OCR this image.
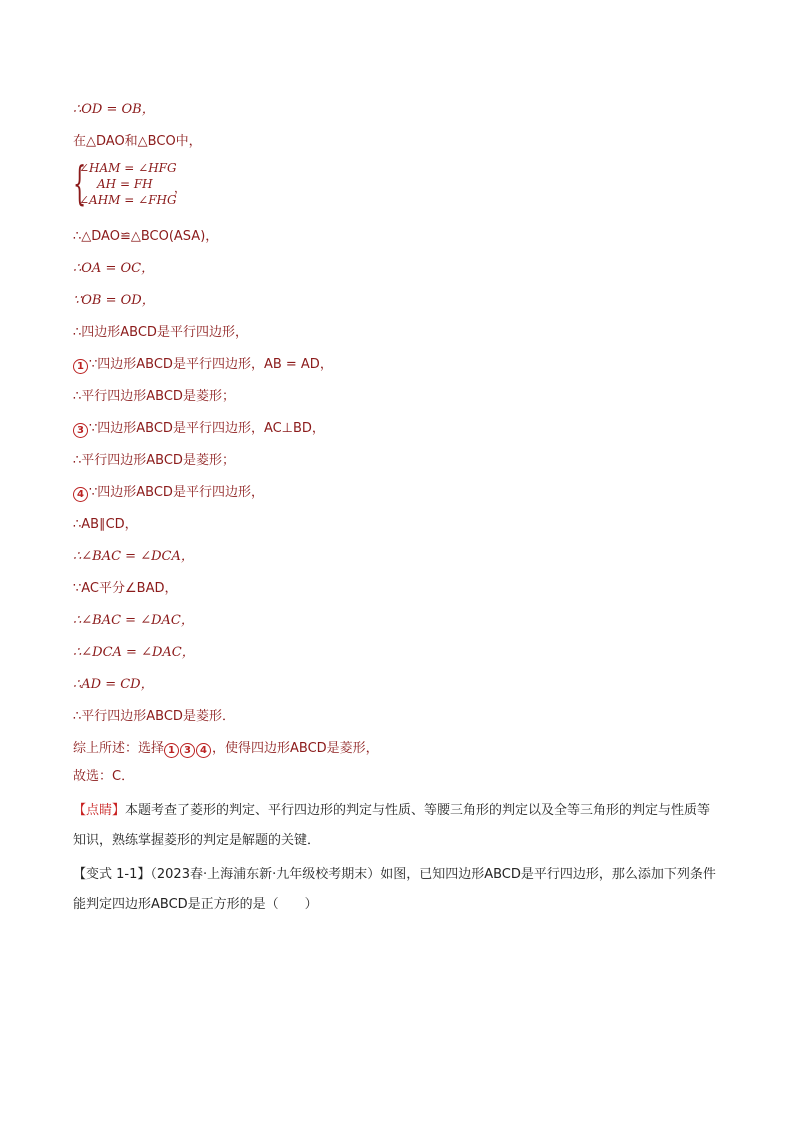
∴OD = OB，
在△DAO和△BCO中，
{
∠HAM = ∠HFG
AH = FH
∠AHM = ∠FHG
，
∴△DAO≌△BCO(ASA)，
∴OA = OC，
∵OB = OD，
∴四边形ABCD是平行四边形，
1 ∵四边形ABCD是平行四边形，AB = AD，
∴平行四边形ABCD是菱形；
3 ∵四边形ABCD是平行四边形，AC⊥BD，
∴平行四边形ABCD是菱形；
4 ∵四边形ABCD是平行四边形，
∴AB∥CD，
∴∠BAC = ∠DCA，
∵AC平分∠BAD，
∴∠BAC = ∠DAC，
∴∠DCA = ∠DAC，
∴AD = CD，
∴平行四边形ABCD是菱形．
综上所述：选择 1 3 4 ，使得四边形ABCD是菱形，
故选：C．
【点睛】本题考查了菱形的判定、平行四边形的判定与性质、等腰三角形的判定以及全等三角形的判定与性质等知识，熟练掌握菱形的判定是解题的关键．
【变式 1-1】（2023春·上海浦东新·九年级校考期末）如图，已知四边形ABCD是平行四边形，那么添加下列条件能判定四边形ABCD是正方形的是（　　）
